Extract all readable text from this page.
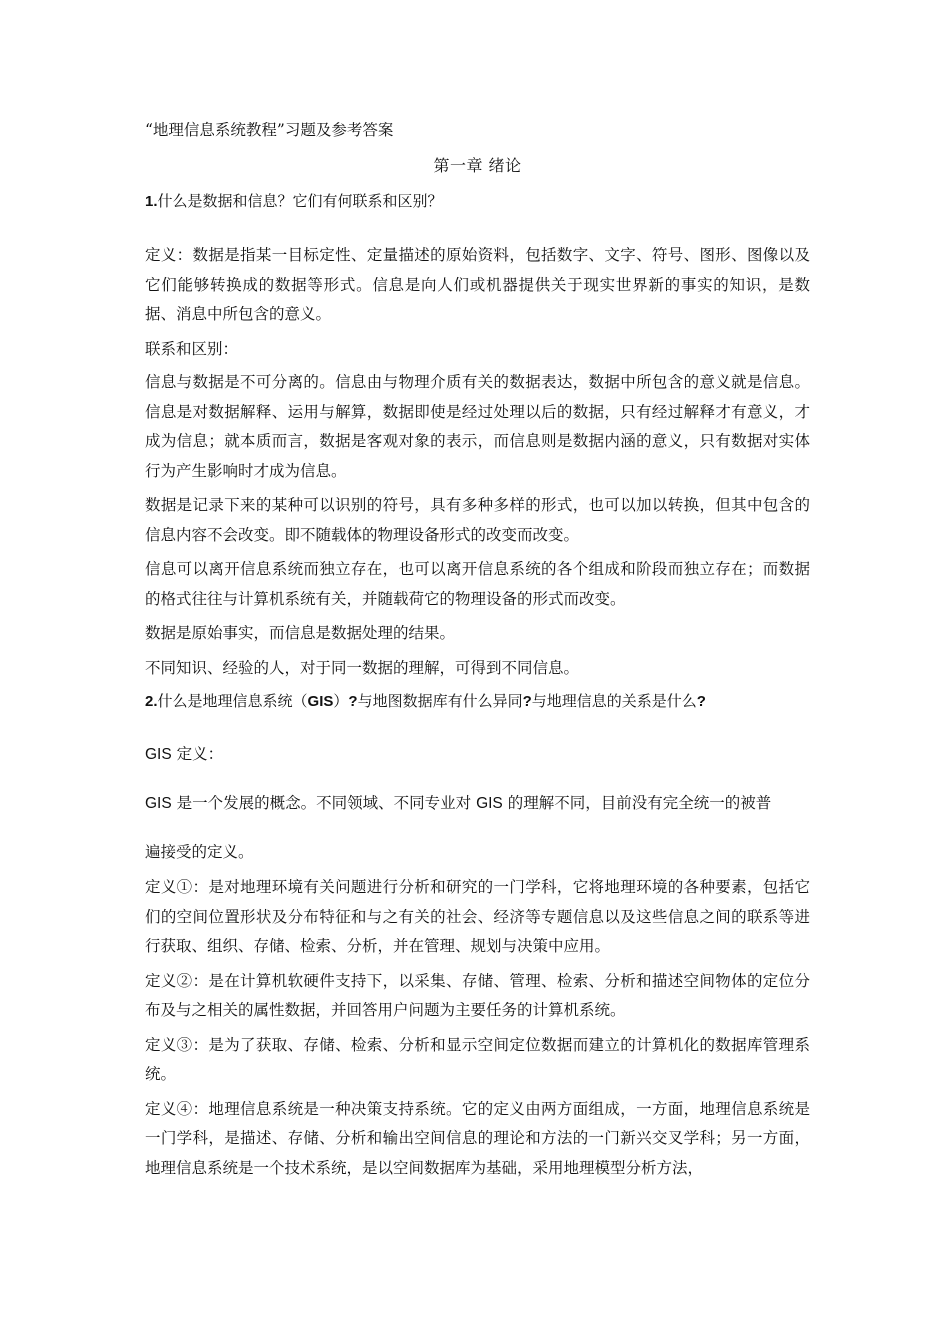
“地理信息系统教程”习题及参考答案
第一章 绪论
1.什么是数据和信息？它们有何联系和区别？

定义：数据是指某一目标定性、定量描述的原始资料，包括数字、文字、符号、图形、图像以及它们能够转换成的数据等形式。信息是向人们或机器提供关于现实世界新的事实的知识，是数据、消息中所包含的意义。

联系和区别：

信息与数据是不可分离的。信息由与物理介质有关的数据表达，数据中所包含的意义就是信息。信息是对数据解释、运用与解算，数据即使是经过处理以后的数据，只有经过解释才有意义，才成为信息；就本质而言，数据是客观对象的表示，而信息则是数据内涵的意义，只有数据对实体行为产生影响时才成为信息。

数据是记录下来的某种可以识别的符号，具有多种多样的形式，也可以加以转换，但其中包含的信息内容不会改变。即不随载体的物理设备形式的改变而改变。

信息可以离开信息系统而独立存在，也可以离开信息系统的各个组成和阶段而独立存在；而数据的格式往往与计算机系统有关，并随载荷它的物理设备的形式而改变。

数据是原始事实，而信息是数据处理的结果。

不同知识、经验的人，对于同一数据的理解，可得到不同信息。

2.什么是地理信息系统（GIS）?与地图数据库有什么异同?与地理信息的关系是什么?

GIS 定义：

GIS 是一个发展的概念。不同领域、不同专业对 GIS 的理解不同，目前没有完全统一的被普

遍接受的定义。

定义①：是对地理环境有关问题进行分析和研究的一门学科，它将地理环境的各种要素，包括它们的空间位置形状及分布特征和与之有关的社会、经济等专题信息以及这些信息之间的联系等进行获取、组织、存储、检索、分析，并在管理、规划与决策中应用。

定义②：是在计算机软硬件支持下，以采集、存储、管理、检索、分析和描述空间物体的定位分布及与之相关的属性数据，并回答用户问题为主要任务的计算机系统。

定义③：是为了获取、存储、检索、分析和显示空间定位数据而建立的计算机化的数据库管理系统。

定义④：地理信息系统是一种决策支持系统。它的定义由两方面组成，一方面，地理信息系统是一门学科，是描述、存储、分析和输出空间信息的理论和方法的一门新兴交叉学科；另一方面，地理信息系统是一个技术系统，是以空间数据库为基础，采用地理模型分析方法，
